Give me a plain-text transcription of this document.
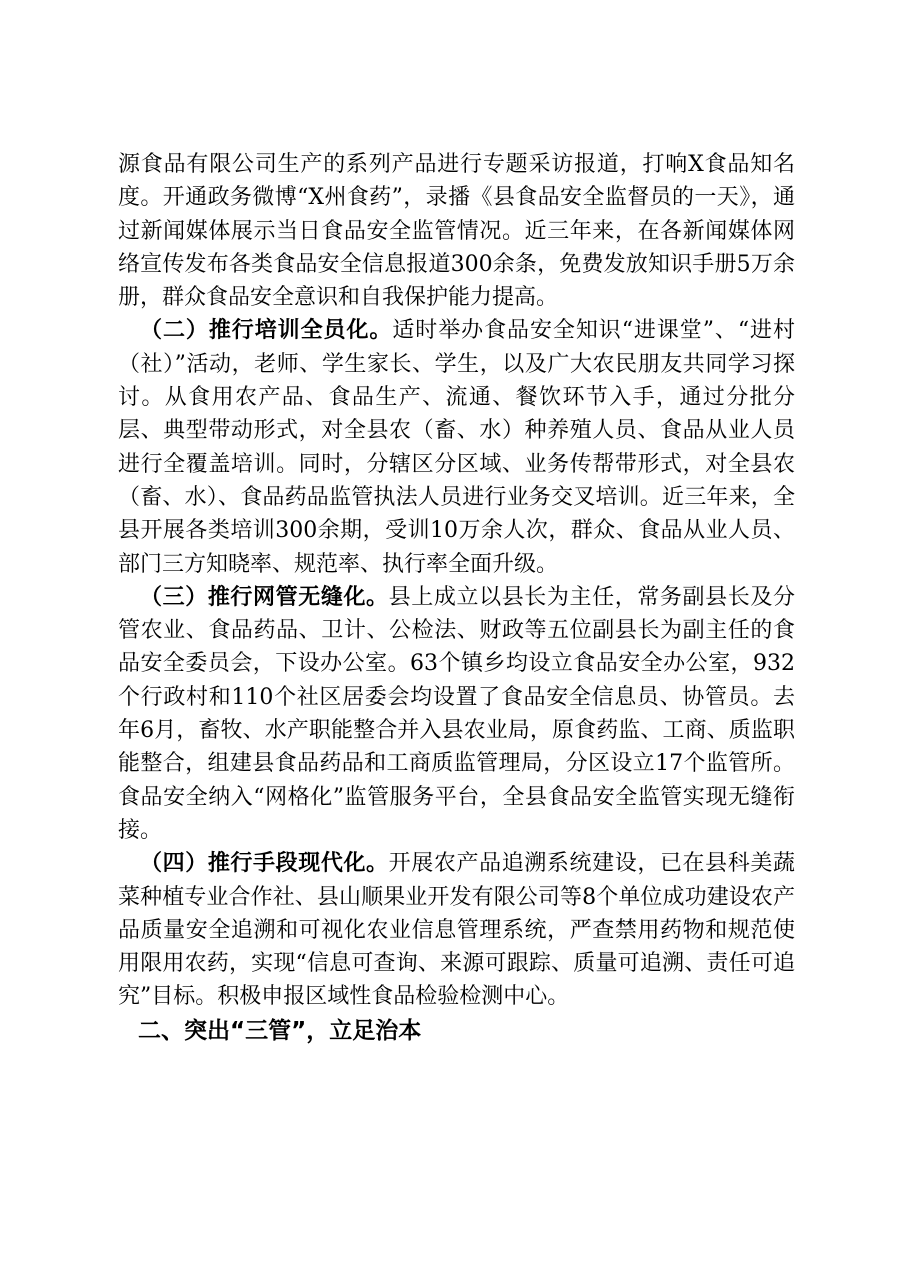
源食品有限公司生产的系列产品进行专题采访报道，打响X食品知名度。开通政务微博“X州食药”，录播《县食品安全监督员的一天》，通过新闻媒体展示当日食品安全监管情况。近三年来，在各新闻媒体网络宣传发布各类食品安全信息报道300余条，免费发放知识手册5万余册，群众食品安全意识和自我保护能力提高。

（二）推行培训全员化。适时举办食品安全知识“进课堂”、“进村（社）”活动，老师、学生家长、学生，以及广大农民朋友共同学习探讨。从食用农产品、食品生产、流通、餐饮环节入手，通过分批分层、典型带动形式，对全县农（畜、水）种养殖人员、食品从业人员进行全覆盖培训。同时，分辖区分区域、业务传帮带形式，对全县农（畜、水）、食品药品监管执法人员进行业务交叉培训。近三年来，全县开展各类培训300余期，受训10万余人次，群众、食品从业人员、部门三方知晓率、规范率、执行率全面升级。

（三）推行网管无缝化。县上成立以县长为主任，常务副县长及分管农业、食品药品、卫计、公检法、财政等五位副县长为副主任的食品安全委员会，下设办公室。63个镇乡均设立食品安全办公室，932个行政村和110个社区居委会均设置了食品安全信息员、协管员。去年6月，畜牧、水产职能整合并入县农业局，原食药监、工商、质监职能整合，组建县食品药品和工商质监管理局，分区设立17个监管所。食品安全纳入“网格化”监管服务平台，全县食品安全监管实现无缝衔接。

（四）推行手段现代化。开展农产品追溯系统建设，已在县科美蔬菜种植专业合作社、县山顺果业开发有限公司等8个单位成功建设农产品质量安全追溯和可视化农业信息管理系统，严查禁用药物和规范使用限用农药，实现“信息可查询、来源可跟踪、质量可追溯、责任可追究”目标。积极申报区域性食品检验检测中心。

二、突出“三管”，立足治本
